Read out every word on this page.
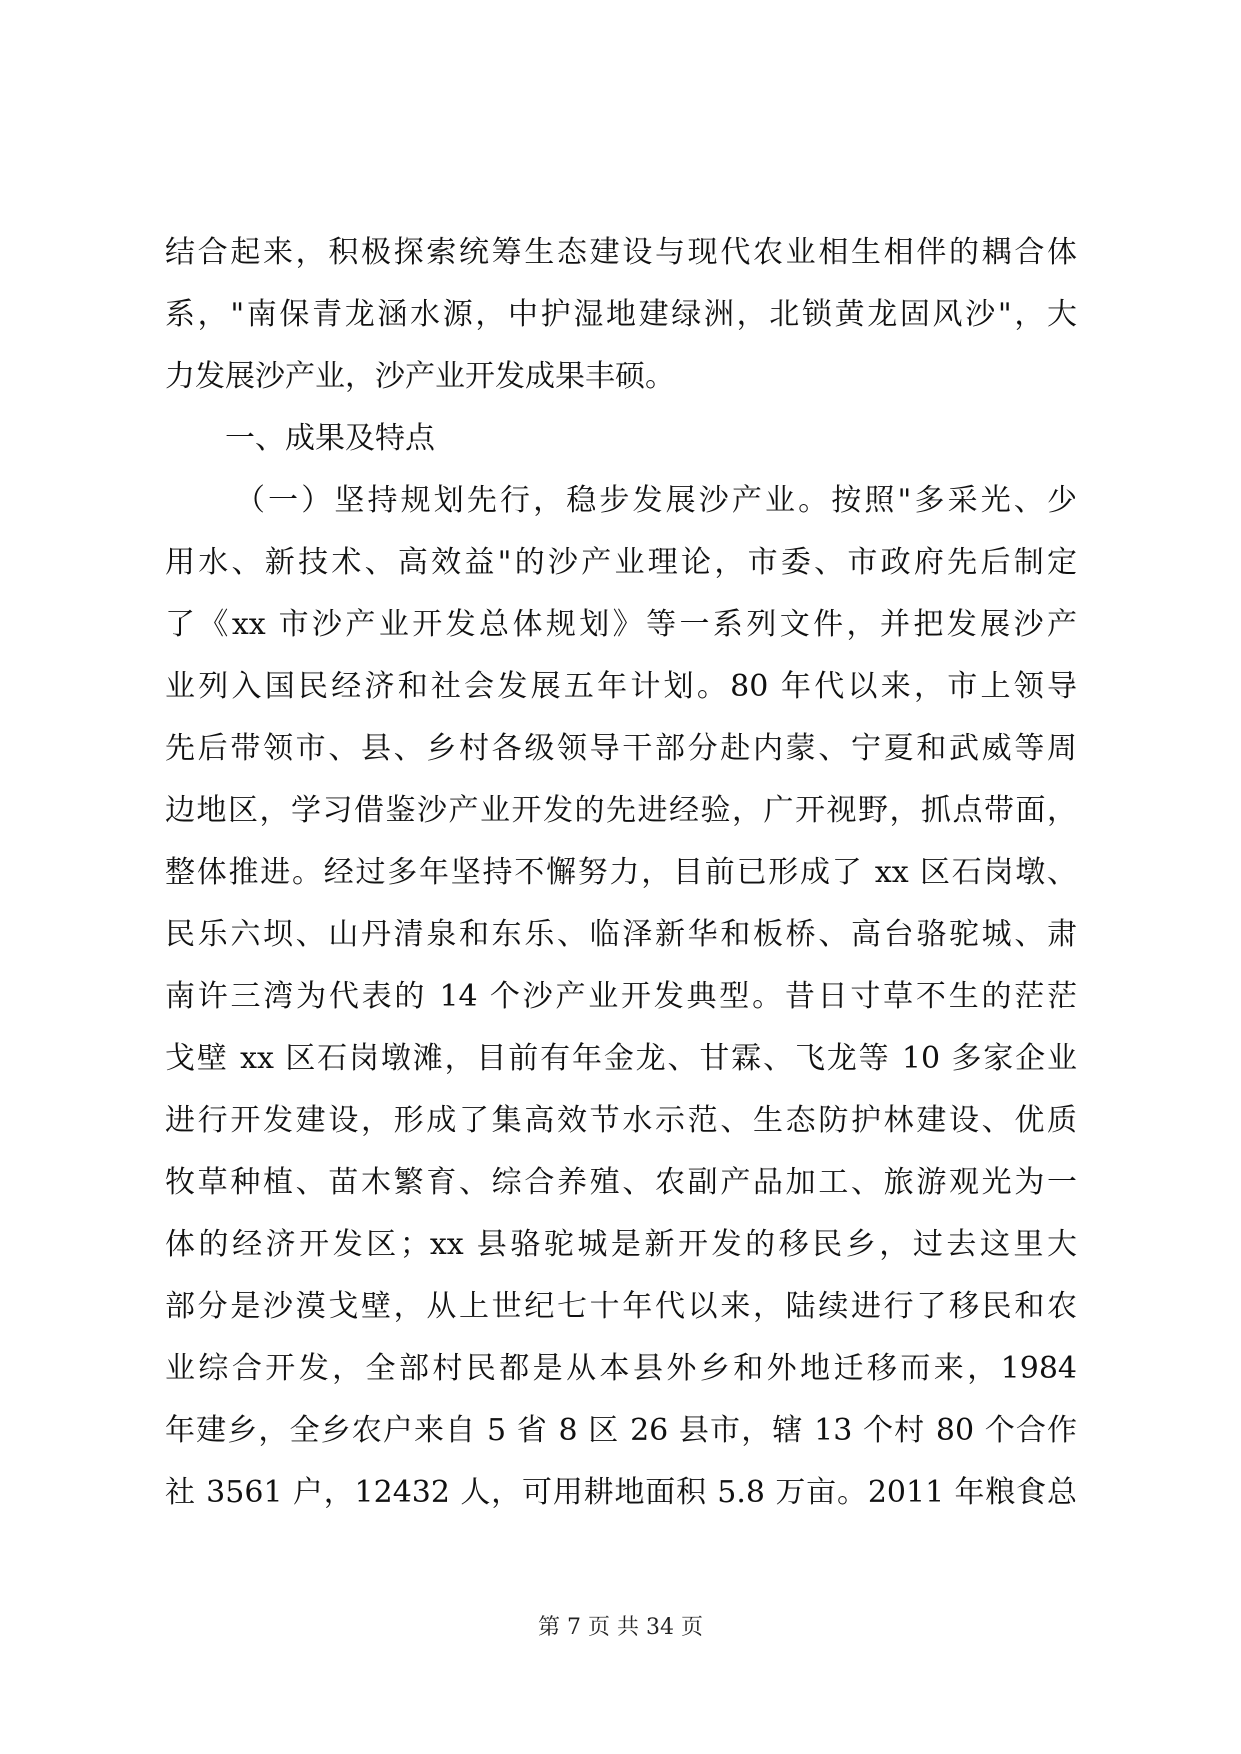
结合起来，积极探索统筹生态建设与现代农业相生相伴的耦合体
系，"南保青龙涵水源，中护湿地建绿洲，北锁黄龙固风沙"，大
力发展沙产业，沙产业开发成果丰硕。
一、成果及特点
（一）坚持规划先行，稳步发展沙产业。按照"多采光、少
用水、新技术、高效益"的沙产业理论，市委、市政府先后制定
了《xx 市沙产业开发总体规划》等一系列文件，并把发展沙产
业列入国民经济和社会发展五年计划。80 年代以来，市上领导
先后带领市、县、乡村各级领导干部分赴内蒙、宁夏和武威等周
边地区，学习借鉴沙产业开发的先进经验，广开视野，抓点带面，
整体推进。经过多年坚持不懈努力，目前已形成了 xx 区石岗墩、
民乐六坝、山丹清泉和东乐、临泽新华和板桥、高台骆驼城、肃
南许三湾为代表的 14 个沙产业开发典型。昔日寸草不生的茫茫
戈壁 xx 区石岗墩滩，目前有年金龙、甘霖、飞龙等 10 多家企业
进行开发建设，形成了集高效节水示范、生态防护林建设、优质
牧草种植、苗木繁育、综合养殖、农副产品加工、旅游观光为一
体的经济开发区；xx 县骆驼城是新开发的移民乡，过去这里大
部分是沙漠戈壁，从上世纪七十年代以来，陆续进行了移民和农
业综合开发，全部村民都是从本县外乡和外地迁移而来，1984
年建乡，全乡农户来自 5 省 8 区 26 县市，辖 13 个村 80 个合作
社 3561 户，12432 人，可用耕地面积 5.8 万亩。2011 年粮食总
第 7 页 共 34 页
